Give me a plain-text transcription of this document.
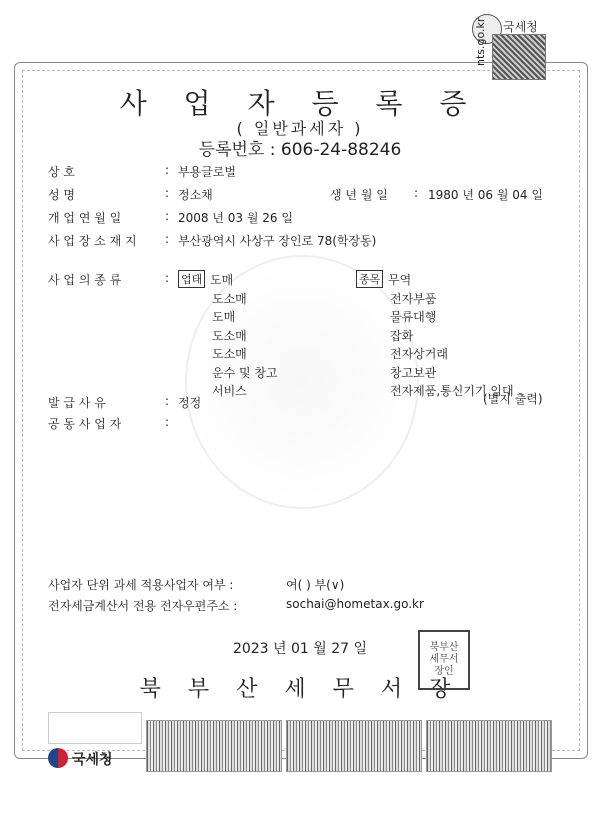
국세청
nts.go.kr
사 업 자 등 록 증
( 일반과세자 )
등록번호 : 606-24-88246
상 호	: 부용글로벌
성 명	: 정소채	생 년 월 일 : 1980 년 06 월 04 일
개 업 연 월 일	: 2008 년 03 월 26 일
사 업 장 소 재 지 : 부산광역시 사상구 장인로 78(학장동)
사 업 의 종 류	: 업태	종목
도매	무역
도소매	전자부품
도매	물류대행
도소매	잡화
도소매	전자상거래
운수 및 창고	창고보관
서비스	전자제품,통신기기 임대
(별지 출력)
발 급 사 유	: 정정
공 동 사 업 자	:
사업자 단위 과세 적용사업자 여부 :	여( ) 부(∨)
전자세금계산서 전용 전자우편주소 :	sochai@hometax.go.kr
2023 년 01 월 27 일
북 부 산 세 무 서 장
북부산세무서장인
국세청
